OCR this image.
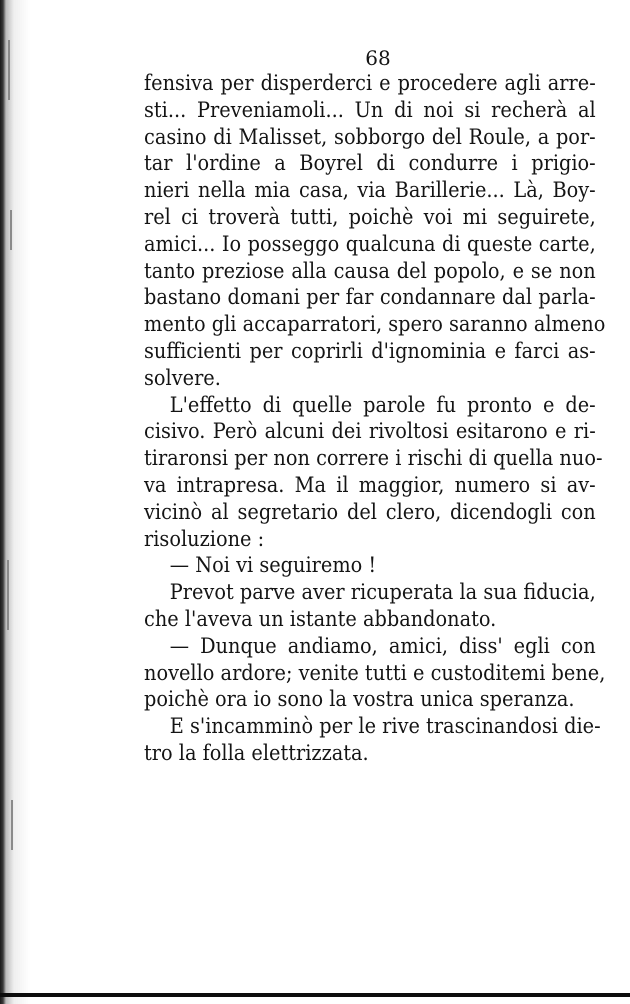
68
fensiva per disperderci e procedere agli arre-
sti... Preveniamoli... Un di noi si recherà al
casino di Malisset, sobborgo del Roule, a por-
tar l'ordine a Boyrel di condurre i prigio-
nieri nella mia casa, via Barillerie... Là, Boy-
rel ci troverà tutti, poichè voi mi seguirete,
amici... Io posseggo qualcuna di queste carte,
tanto preziose alla causa del popolo, e se non
bastano domani per far condannare dal parla-
mento gli accaparratori, spero saranno almeno
sufficienti per coprirli d'ignominia e farci as-
solvere.
L'effetto di quelle parole fu pronto e de-
cisivo. Però alcuni dei rivoltosi esitarono e ri-
tiraronsi per non correre i rischi di quella nuo-
va intrapresa. Ma il maggior, numero si av-
vicinò al segretario del clero, dicendogli con
risoluzione :
— Noi vi seguiremo !
Prevot parve aver ricuperata la sua fiducia,
che l'aveva un istante abbandonato.
— Dunque andiamo, amici, diss' egli con
novello ardore; venite tutti e custoditemi bene,
poichè ora io sono la vostra unica speranza.
E s'incamminò per le rive trascinandosi die-
tro la folla elettrizzata.
